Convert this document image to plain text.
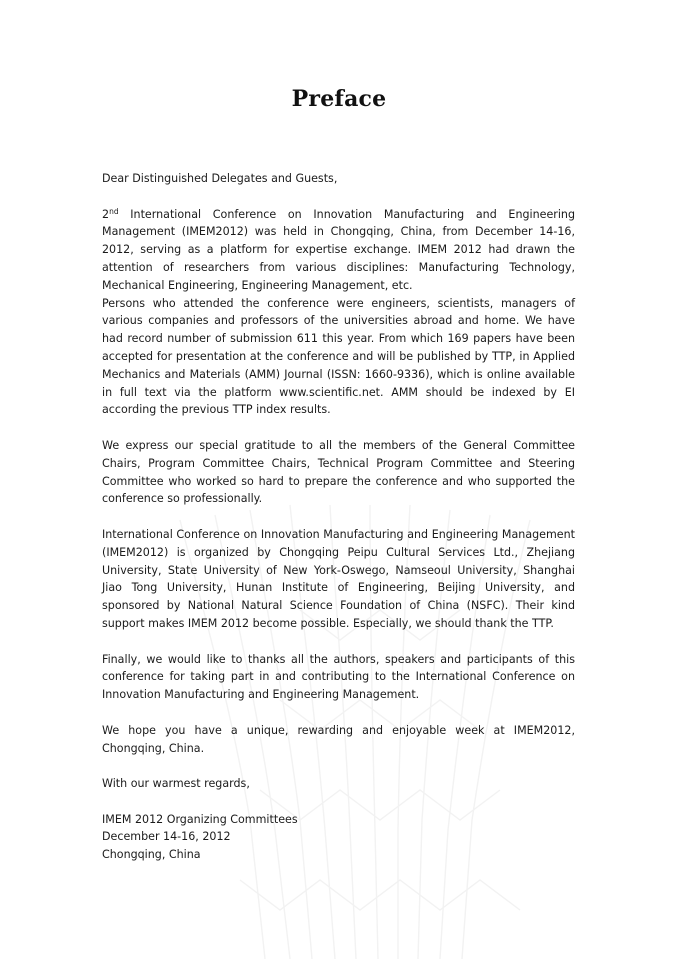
Preface

Dear Distinguished Delegates and Guests,

2nd International Conference on Innovation Manufacturing and Engineering Management (IMEM2012) was held in Chongqing, China, from December 14-16, 2012, serving as a platform for expertise exchange. IMEM 2012 had drawn the attention of researchers from various disciplines: Manufacturing Technology, Mechanical Engineering, Engineering Management, etc.

Persons who attended the conference were engineers, scientists, managers of various companies and professors of the universities abroad and home. We have had record number of submission 611 this year. From which 169 papers have been accepted for presentation at the conference and will be published by TTP, in Applied Mechanics and Materials (AMM) Journal (ISSN: 1660-9336), which is online available in full text via the platform www.scientific.net. AMM should be indexed by EI according the previous TTP index results.

We express our special gratitude to all the members of the General Committee Chairs, Program Committee Chairs, Technical Program Committee and Steering Committee who worked so hard to prepare the conference and who supported the conference so professionally.

International Conference on Innovation Manufacturing and Engineering Management (IMEM2012) is organized by Chongqing Peipu Cultural Services Ltd., Zhejiang University, State University of New York-Oswego, Namseoul University, Shanghai Jiao Tong University, Hunan Institute of Engineering, Beijing University, and sponsored by National Natural Science Foundation of China (NSFC). Their kind support makes IMEM 2012 become possible. Especially, we should thank the TTP.

Finally, we would like to thanks all the authors, speakers and participants of this conference for taking part in and contributing to the International Conference on Innovation Manufacturing and Engineering Management.

We hope you have a unique, rewarding and enjoyable week at IMEM2012, Chongqing, China.

With our warmest regards,

IMEM 2012 Organizing Committees
December 14-16, 2012
Chongqing, China
